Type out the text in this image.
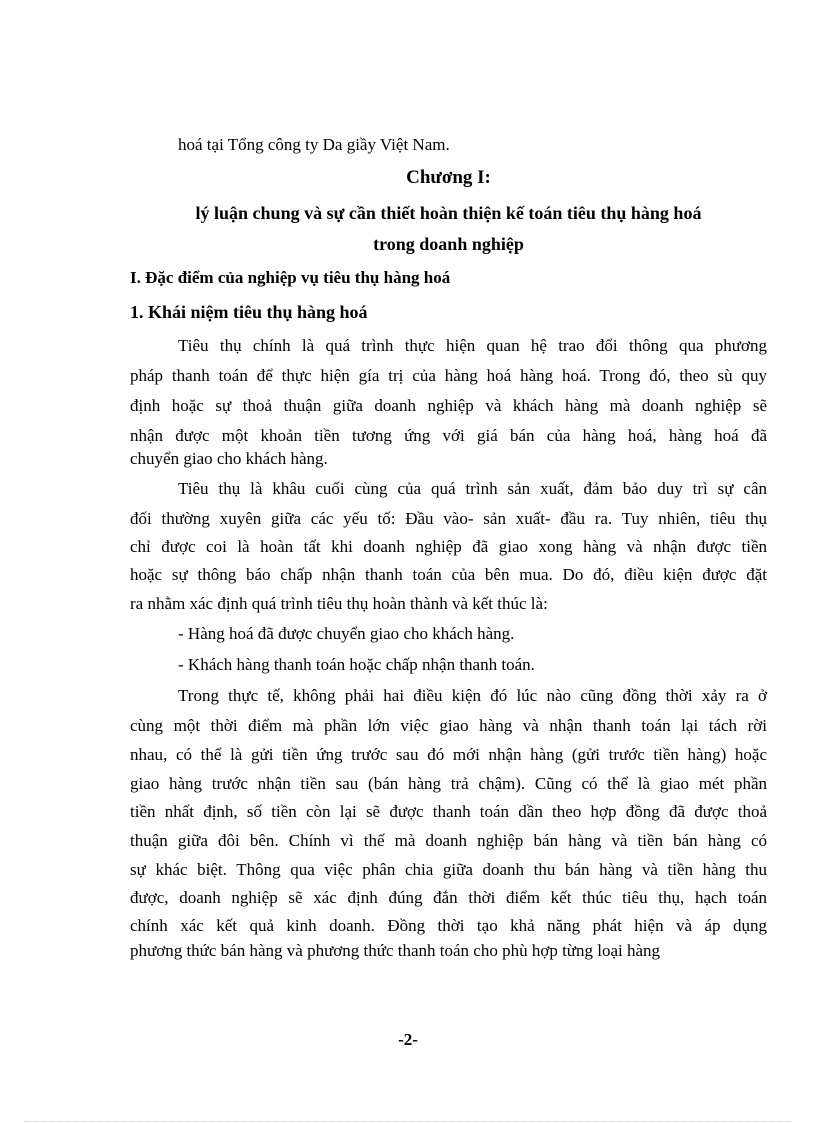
hoá tại Tổng công ty Da giầy Việt Nam.
Chương I:
lý luận chung và sự cần thiết hoàn thiện kế toán tiêu thụ hàng hoá
trong doanh nghiệp
I. Đặc điểm của nghiệp vụ tiêu thụ hàng hoá
1. Khái niệm tiêu thụ hàng hoá
Tiêu thụ chính là quá trình thực hiện quan hệ trao đổi thông qua phương
pháp thanh toán để thực hiện gía trị của hàng hoá hàng hoá. Trong đó, theo sù quy
định hoặc sự thoả thuận giữa doanh nghiệp và khách hàng mà doanh nghiệp sẽ
nhận được một khoản tiền tương ứng với giá bán của hàng hoá, hàng hoá đã
chuyển giao cho khách hàng.
Tiêu thụ là khâu cuối cùng của quá trình sản xuất, đảm bảo duy trì sự cân
đối thường xuyên giữa các yếu tố: Đầu vào- sản xuất- đầu ra. Tuy nhiên, tiêu thụ
chỉ được coi là hoàn tất khi doanh nghiệp đã giao xong hàng và nhận được tiền
hoặc sự thông báo chấp nhận thanh toán của bên mua. Do đó, điều kiện được đặt
ra nhằm xác định quá trình tiêu thụ hoàn thành và kết thúc là:
- Hàng hoá đã được chuyển giao cho khách hàng.
- Khách hàng thanh toán hoặc chấp nhận thanh toán.
Trong thực tế, không phải hai điều kiện đó lúc nào cũng đồng thời xảy ra ở
cùng một thời điểm mà phần lớn việc giao hàng và nhận thanh toán lại tách rời
nhau, có thể là gửi tiền ứng trước sau đó mới nhận hàng (gửi trước tiền hàng) hoặc
giao hàng trước nhận tiền sau (bán hàng trả chậm). Cũng có thể là giao mét phần
tiền nhất định, số tiền còn lại sẽ được thanh toán dần theo hợp đồng đã được thoả
thuận giữa đôi bên. Chính vì thế mà doanh nghiệp bán hàng và tiền bán hàng có
sự khác biệt. Thông qua việc phân chia giữa doanh thu bán hàng và tiền hàng thu
được, doanh nghiệp sẽ xác định đúng đắn thời điểm kết thúc tiêu thụ, hạch toán
chính xác kết quả kinh doanh. Đồng thời tạo khả năng phát hiện và áp dụng
phương thức bán hàng và phương thức thanh toán cho phù hợp từng loại hàng
-2-
